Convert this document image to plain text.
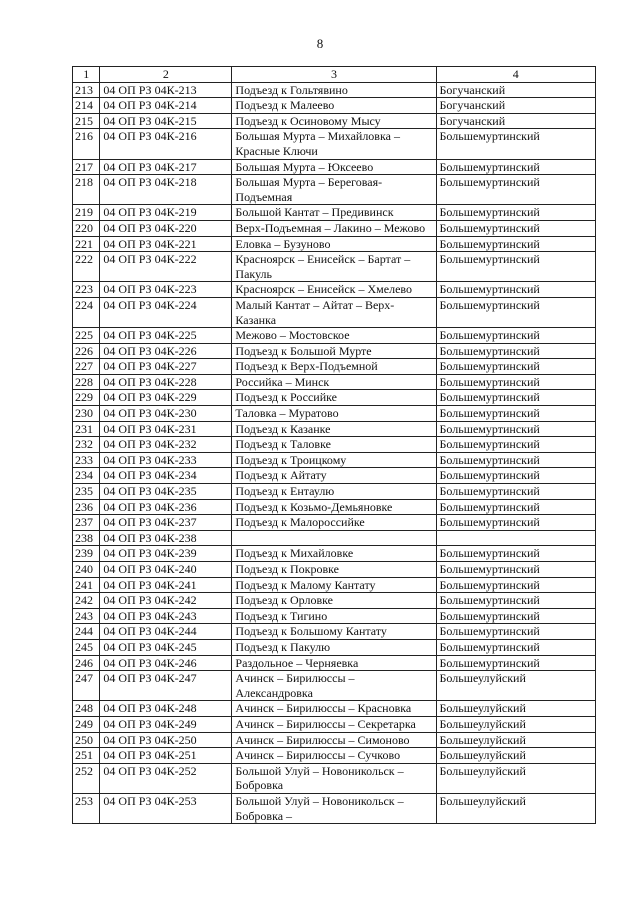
8
1	2	3	4
213	04 ОП РЗ 04К-213	Подъезд к Гольтявино	Богучанский
214	04 ОП РЗ 04К-214	Подъезд к Малеево	Богучанский
215	04 ОП РЗ 04К-215	Подъезд к Осиновому Мысу	Богучанский
216	04 ОП РЗ 04К-216	Большая Мурта – Михайловка – Красные Ключи	Большемуртинский
217	04 ОП РЗ 04К-217	Большая Мурта – Юксеево	Большемуртинский
218	04 ОП РЗ 04К-218	Большая Мурта – Береговая-Подъемная	Большемуртинский
219	04 ОП РЗ 04К-219	Большой Кантат – Предивинск	Большемуртинский
220	04 ОП РЗ 04К-220	Верх-Подъемная – Лакино – Межово	Большемуртинский
221	04 ОП РЗ 04К-221	Еловка – Бузуново	Большемуртинский
222	04 ОП РЗ 04К-222	Красноярск – Енисейск – Бартат – Пакуль	Большемуртинский
223	04 ОП РЗ 04К-223	Красноярск – Енисейск – Хмелево	Большемуртинский
224	04 ОП РЗ 04К-224	Малый Кантат – Айтат – Верх-Казанка	Большемуртинский
225	04 ОП РЗ 04К-225	Межово – Мостовское	Большемуртинский
226	04 ОП РЗ 04К-226	Подъезд к Большой Мурте	Большемуртинский
227	04 ОП РЗ 04К-227	Подъезд к Верх-Подъемной	Большемуртинский
228	04 ОП РЗ 04К-228	Российка – Минск	Большемуртинский
229	04 ОП РЗ 04К-229	Подъезд к Российке	Большемуртинский
230	04 ОП РЗ 04К-230	Таловка – Муратово	Большемуртинский
231	04 ОП РЗ 04К-231	Подъезд к Казанке	Большемуртинский
232	04 ОП РЗ 04К-232	Подъезд к Таловке	Большемуртинский
233	04 ОП РЗ 04К-233	Подъезд к Троицкому	Большемуртинский
234	04 ОП РЗ 04К-234	Подъезд к Айтату	Большемуртинский
235	04 ОП РЗ 04К-235	Подъезд к Ентаулю	Большемуртинский
236	04 ОП РЗ 04К-236	Подъезд к Козьмо-Демьяновке	Большемуртинский
237	04 ОП РЗ 04К-237	Подъезд к Малороссийке	Большемуртинский
238	04 ОП РЗ 04К-238		
239	04 ОП РЗ 04К-239	Подъезд к Михайловке	Большемуртинский
240	04 ОП РЗ 04К-240	Подъезд к Покровке	Большемуртинский
241	04 ОП РЗ 04К-241	Подъезд к Малому Кантату	Большемуртинский
242	04 ОП РЗ 04К-242	Подъезд к Орловке	Большемуртинский
243	04 ОП РЗ 04К-243	Подъезд к Тигино	Большемуртинский
244	04 ОП РЗ 04К-244	Подъезд к Большому Кантату	Большемуртинский
245	04 ОП РЗ 04К-245	Подъезд к Пакулю	Большемуртинский
246	04 ОП РЗ 04К-246	Раздольное – Черняевка	Большемуртинский
247	04 ОП РЗ 04К-247	Ачинск – Бирилюссы – Александровка	Большеулуйский
248	04 ОП РЗ 04К-248	Ачинск – Бирилюссы – Красновка	Большеулуйский
249	04 ОП РЗ 04К-249	Ачинск – Бирилюссы – Секретарка	Большеулуйский
250	04 ОП РЗ 04К-250	Ачинск – Бирилюссы – Симоново	Большеулуйский
251	04 ОП РЗ 04К-251	Ачинск – Бирилюссы – Сучково	Большеулуйский
252	04 ОП РЗ 04К-252	Большой Улуй – Новоникольск – Бобровка	Большеулуйский
253	04 ОП РЗ 04К-253	Большой Улуй – Новоникольск – Бобровка –	Большеулуйский
